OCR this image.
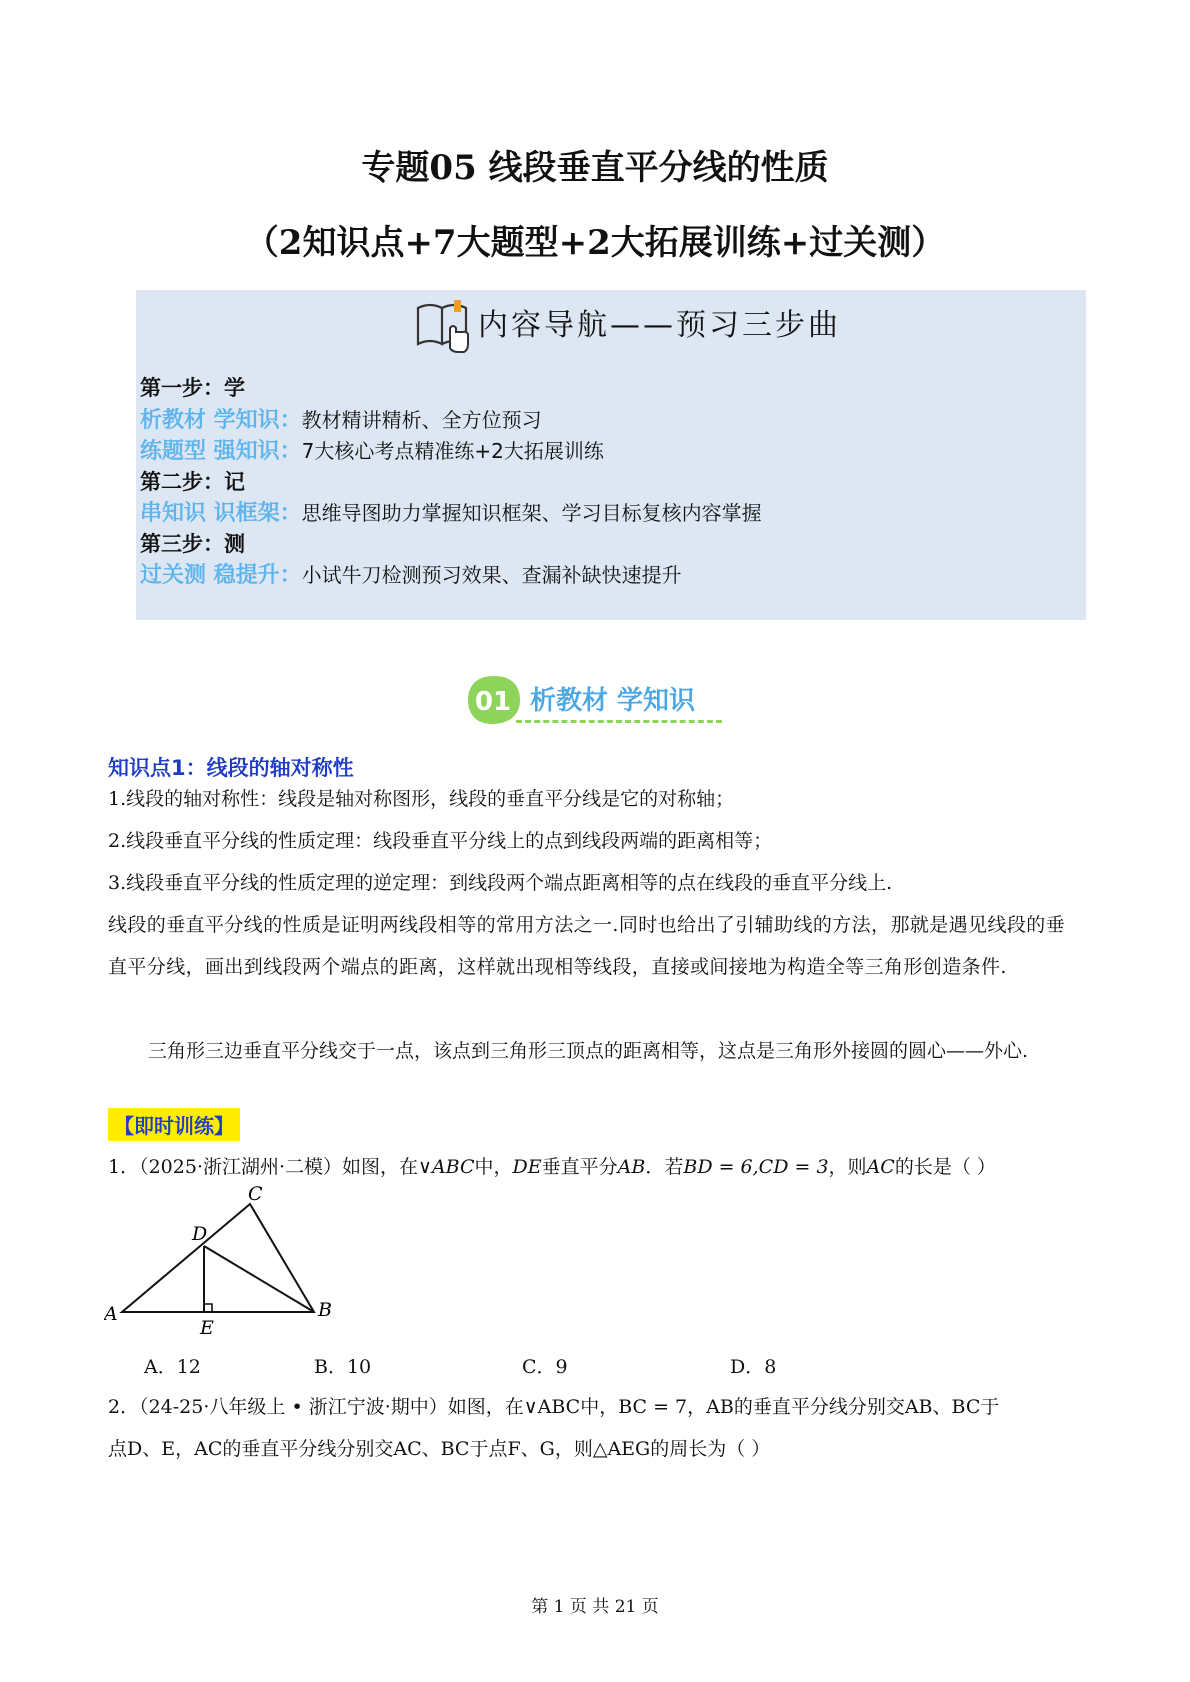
专题05 线段垂直平分线的性质
（2知识点+7大题型+2大拓展训练+过关测）
内容导航——预习三步曲
第一步：学
析教材 学知识：教材精讲精析、全方位预习
练题型 强知识：7大核心考点精准练+2大拓展训练
第二步：记
串知识 识框架：思维导图助力掌握知识框架、学习目标复核内容掌握
第三步：测
过关测 稳提升：小试牛刀检测预习效果、查漏补缺快速提升
01 析教材 学知识
知识点1：线段的轴对称性

1.线段的轴对称性：线段是轴对称图形，线段的垂直平分线是它的对称轴；

2.线段垂直平分线的性质定理：线段垂直平分线上的点到线段两端的距离相等；

3.线段垂直平分线的性质定理的逆定理：到线段两个端点距离相等的点在线段的垂直平分线上.

线段的垂直平分线的性质是证明两线段相等的常用方法之一.同时也给出了引辅助线的方法，那就是遇见线段的垂直平分线，画出到线段两个端点的距离，这样就出现相等线段，直接或间接地为构造全等三角形创造条件.

三角形三边垂直平分线交于一点，该点到三角形三顶点的距离相等，这点是三角形外接圆的圆心——外心.

【即时训练】
1．（2025·浙江湖州·二模）如图，在∨ABC中，DE垂直平分AB．若BD = 6,CD = 3，则AC的长是（ ）
A	B
C
D
E
A．12	B．10	C．9	D．8
2．（24-25·八年级上 • 浙江宁波·期中）如图，在∨ABC中，BC = 7，AB的垂直平分线分别交AB、BC于
点D、E，AC的垂直平分线分别交AC、BC于点F、G，则△AEG的周长为（ ）
第 1 页 共 21 页
